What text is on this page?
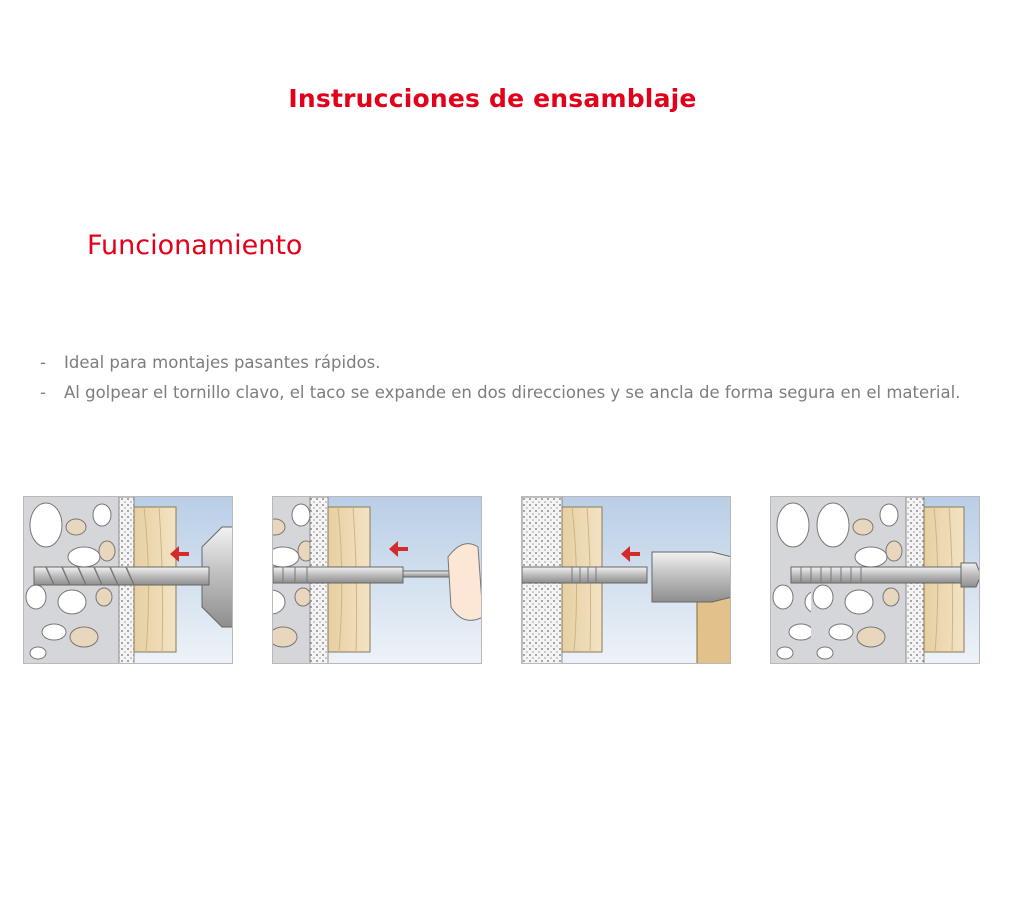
Instrucciones de ensamblaje
Funcionamiento
- Ideal para montajes pasantes rápidos.
- Al golpear el tornillo clavo, el taco se expande en dos direcciones y se ancla de forma segura en el material.
